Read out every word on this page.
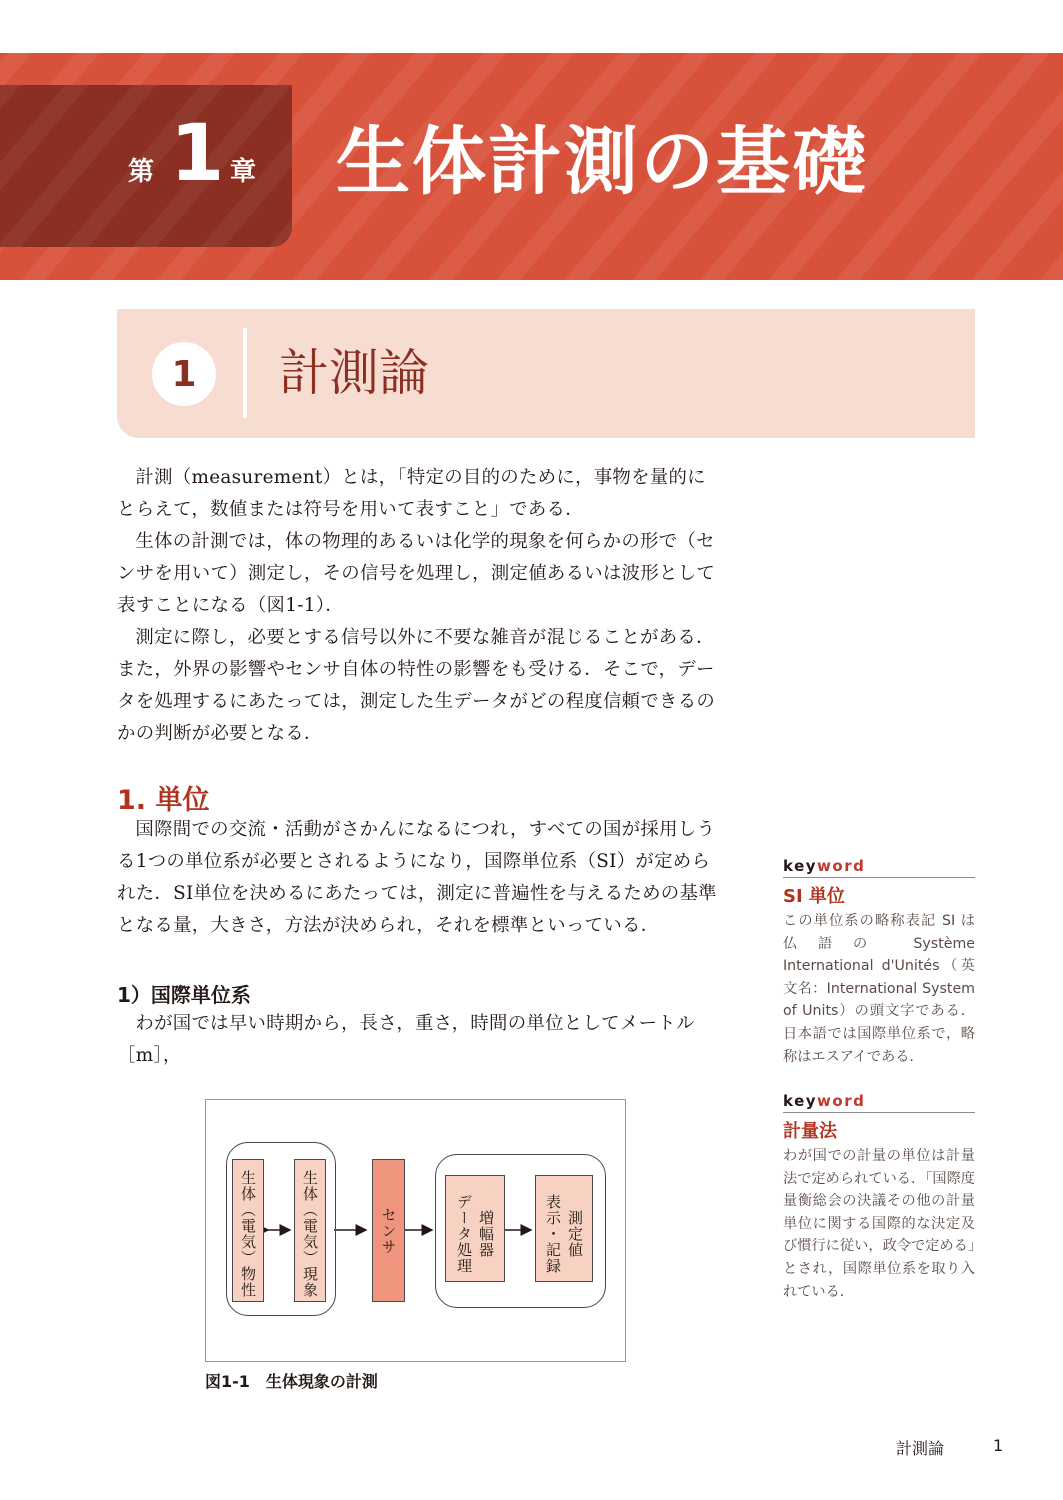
第 1 章 生体計測の基礎
1	計測論

計測（measurement）とは，「特定の目的のために，事物を量的にとらえて，数値または符号を用いて表すこと」である．

生体の計測では，体の物理的あるいは化学的現象を何らかの形で（センサを用いて）測定し，その信号を処理し，測定値あるいは波形として表すことになる（図1-1）．

測定に際し，必要とする信号以外に不要な雑音が混じることがある．また，外界の影響やセンサ自体の特性の影響をも受ける．そこで，データを処理するにあたっては，測定した生データがどの程度信頼できるのかの判断が必要となる．

1. 単位

国際間での交流・活動がさかんになるにつれ，すべての国が採用しうる1つの単位系が必要とされるようになり，国際単位系（SI）が定められた．SI単位を決めるにあたっては，測定に普遍性を与えるための基準となる量，大きさ，方法が決められ，それを標準といっている．

1）国際単位系

わが国では早い時期から，長さ，重さ，時間の単位としてメートル［m］，

keyword
SI 単位
この単位系の略称表記 SI は仏語の Système International d'Unités（英文名：International System of Units）の頭文字である．日本語では国際単位系で，略称はエスアイである．
keyword
計量法
わが国での計量の単位は計量法で定められている．「国際度量衡総会の決議その他の計量単位に関する国際的な決定及び慣行に従い，政令で定める」とされ，国際単位系を取り入れている．
生体（電気）物性	生体（電気）現象	センサ	データ処理 増幅器	表示・記録 測定値
図1-1　生体現象の計測
計測論	1
